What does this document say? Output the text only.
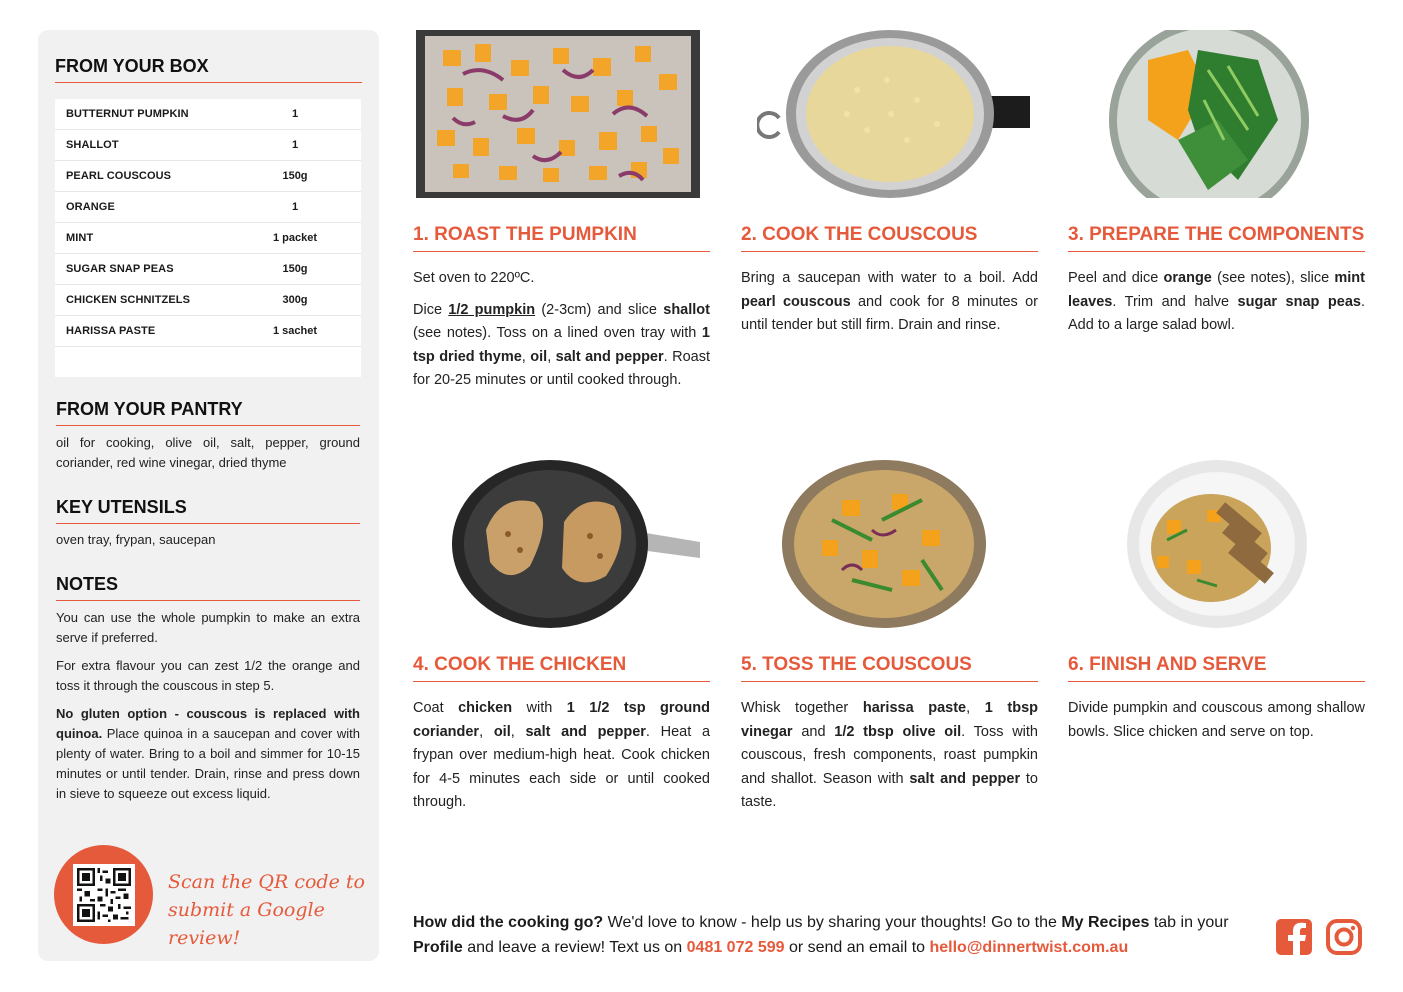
FROM YOUR BOX
BUTTERNUT PUMPKIN	1
SHALLOT	1
PEARL COUSCOUS	150g
ORANGE	1
MINT	1 packet
SUGAR SNAP PEAS	150g
CHICKEN SCHNITZELS	300g
HARISSA PASTE	1 sachet
FROM YOUR PANTRY
oil for cooking, olive oil, salt, pepper, ground coriander, red wine vinegar, dried thyme
KEY UTENSILS
oven tray, frypan, saucepan
NOTES
You can use the whole pumpkin to make an extra serve if preferred.
For extra flavour you can zest 1/2 the orange and toss it through the couscous in step 5.
No gluten option - couscous is replaced with quinoa. Place quinoa in a saucepan and cover with plenty of water. Bring to a boil and simmer for 10-15 minutes or until tender. Drain, rinse and press down in sieve to squeeze out excess liquid.
Scan the QR code to submit a Google review!
1. ROAST THE PUMPKIN	2. COOK THE COUSCOUS	3. PREPARE THE COMPONENTS
4. COOK THE CHICKEN	5. TOSS THE COUSCOUS	6. FINISH AND SERVE

Set oven to 220ºC.

Dice 1/2 pumpkin (2-3cm) and slice shallot (see notes). Toss on a lined oven tray with 1 tsp dried thyme, oil, salt and pepper. Roast for 20-25 minutes or until cooked through.

Bring a saucepan with water to a boil. Add pearl couscous and cook for 8 minutes or until tender but still firm. Drain and rinse.

Peel and dice orange (see notes), slice mint leaves. Trim and halve sugar snap peas. Add to a large salad bowl.

Coat chicken with 1 1/2 tsp ground coriander, oil, salt and pepper. Heat a frypan over medium-high heat. Cook chicken for 4-5 minutes each side or until cooked through.

Whisk together harissa paste, 1 tbsp vinegar and 1/2 tbsp olive oil. Toss with couscous, fresh components, roast pumpkin and shallot. Season with salt and pepper to taste.

Divide pumpkin and couscous among shallow bowls. Slice chicken and serve on top.

How did the cooking go? We'd love to know - help us by sharing your thoughts! Go to the My Recipes tab in your Profile and leave a review! Text us on 0481 072 599 or send an email to hello@dinnertwist.com.au
